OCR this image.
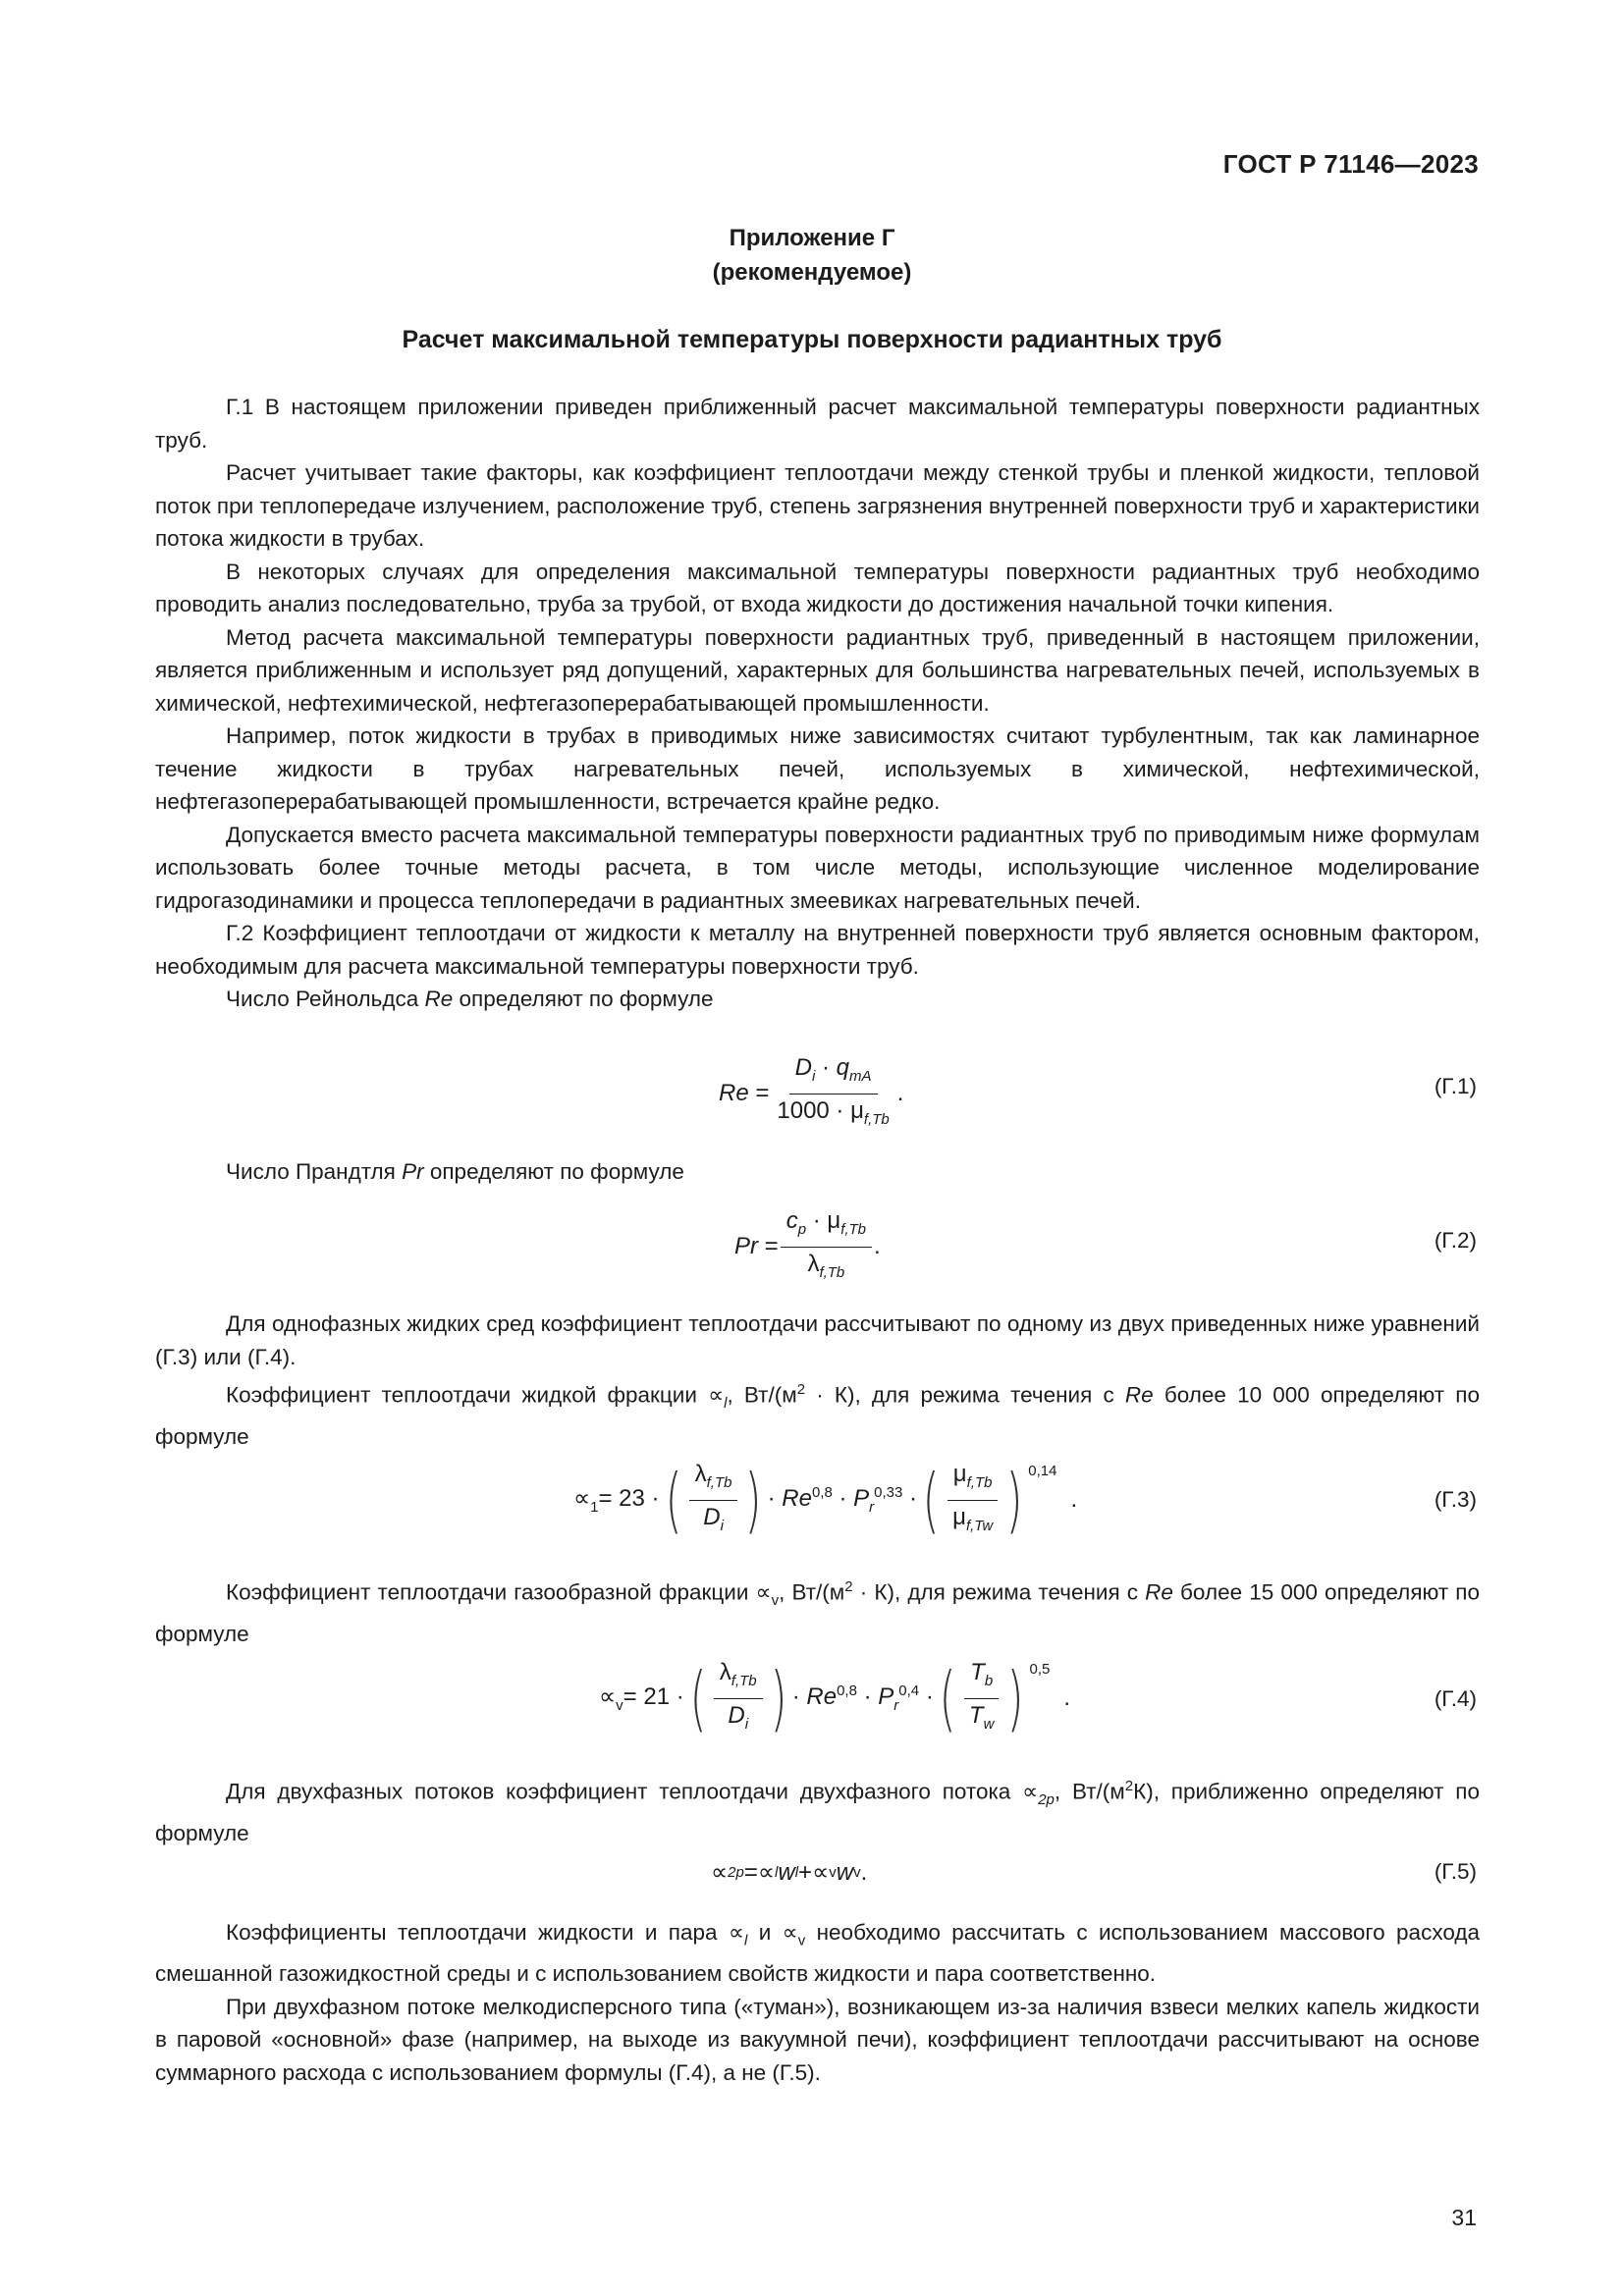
ГОСТ Р 71146—2023
Приложение Г
(рекомендуемое)
Расчет максимальной температуры поверхности радиантных труб

Г.1 В настоящем приложении приведен приближенный расчет максимальной температуры поверхности радиантных труб.

Расчет учитывает такие факторы, как коэффициент теплоотдачи между стенкой трубы и пленкой жидкости, тепловой поток при теплопередаче излучением, расположение труб, степень загрязнения внутренней поверхности труб и характеристики потока жидкости в трубах.

В некоторых случаях для определения максимальной температуры поверхности радиантных труб необходимо проводить анализ последовательно, труба за трубой, от входа жидкости до достижения начальной точки кипения.

Метод расчета максимальной температуры поверхности радиантных труб, приведенный в настоящем приложении, является приближенным и использует ряд допущений, характерных для большинства нагревательных печей, используемых в химической, нефтехимической, нефтегазоперерабатывающей промышленности.

Например, поток жидкости в трубах в приводимых ниже зависимостях считают турбулентным, так как ламинарное течение жидкости в трубах нагревательных печей, используемых в химической, нефтехимической, нефтегазоперерабатывающей промышленности, встречается крайне редко.

Допускается вместо расчета максимальной температуры поверхности радиантных труб по приводимым ниже формулам использовать более точные методы расчета, в том числе методы, использующие численное моделирование гидрогазодинамики и процесса теплопередачи в радиантных змеевиках нагревательных печей.

Г.2 Коэффициент теплоотдачи от жидкости к металлу на внутренней поверхности труб является основным фактором, необходимым для расчета максимальной температуры поверхности труб.

Число Рейнольдса Re определяют по формуле

$Re = \frac{D_i \cdot q_{mA}}{1000 \cdot \mu_{f,Tb}}$ .	(Г.1)

Число Прандтля Pr определяют по формуле

$Pr = \frac{c_p \cdot \mu_{f,Tb}}{\lambda_{f,Tb}}$ .	(Г.2)

Для однофазных жидких сред коэффициент теплоотдачи рассчитывают по одному из двух приведенных ниже уравнений (Г.3) или (Г.4).

Коэффициент теплоотдачи жидкой фракции $\propto_l$, $Вт/(м^2 \cdot К)$, для режима течения с Re более 10 000 определяют по формуле

$\propto_1= 23$ · ( $\frac{\lambda_{f,Tb}}{D_i}$ ) · $Re^{0,8} \cdot P_r^{0,33}$ · ( $\frac{\mu_{f,Tb}}{\mu_{f,Tw}}$ ) $^{0,14}$
.	(Г.3)

Коэффициент теплоотдачи газообразной фракции $\propto_v$, $Вт/(м^2 \cdot К)$, для режима течения с Re более 15 000 определяют по формуле

$\propto_v= 21$ · ( $\frac{\lambda_{f,Tb}}{D_i}$ ) · $Re^{0,8} \cdot P_r^{0,4}$ · ( $\frac{T_b}{T_w}$ ) $^{0,5}$
.	(Г.4)

Для двухфазных потоков коэффициент теплоотдачи двухфазного потока $\propto_{2p}$, $Вт/(м^2К)$, приближенно определяют по формуле

∝ 2p = ∝ l w l + ∝ v w v .	(Г.5)

Коэффициенты теплоотдачи жидкости и пара $\propto_l$ $и \propto_v$ необходимо рассчитать с использованием массового расхода смешанной газожидкостной среды и с использованием свойств жидкости и пара соответственно.

При двухфазном потоке мелкодисперсного типа («туман»), возникающем из-за наличия взвеси мелких капель жидкости в паровой «основной» фазе (например, на выходе из вакуумной печи), коэффициент теплоотдачи рассчитывают на основе суммарного расхода с использованием формулы (Г.4), а не (Г.5).

31
